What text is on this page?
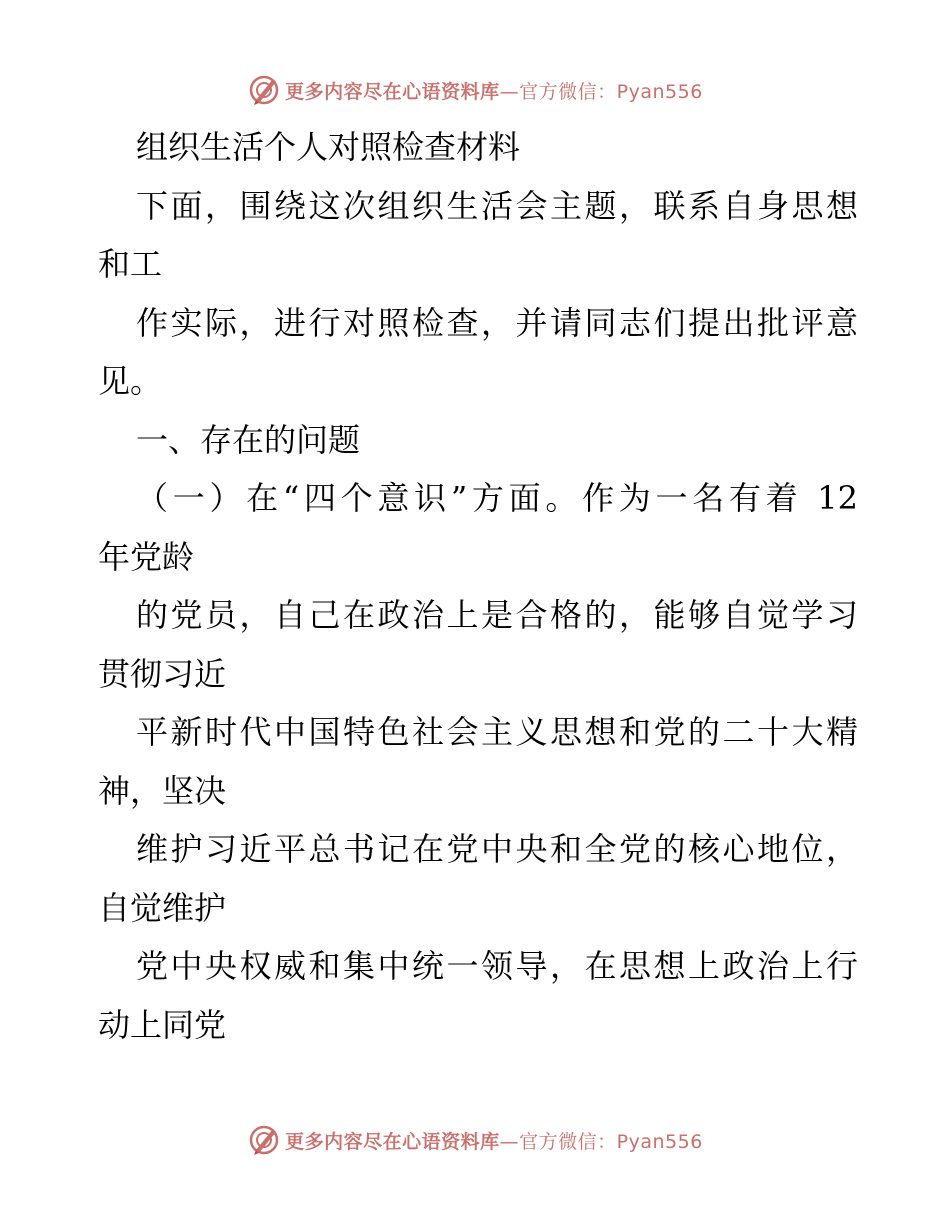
更多内容尽在心语资料库—官方微信：Pyan556
组织生活个人对照检查材料
下面，围绕这次组织生活会主题，联系自身思想
和工
作实际，进行对照检查，并请同志们提出批评意
见。
一、存在的问题
（一）在“四个意识”方面。作为一名有着 12
年党龄
的党员，自己在政治上是合格的，能够自觉学习
贯彻习近
平新时代中国特色社会主义思想和党的二十大精
神，坚决
维护习近平总书记在党中央和全党的核心地位，
自觉维护
党中央权威和集中统一领导，在思想上政治上行
动上同党
更多内容尽在心语资料库—官方微信：Pyan556
